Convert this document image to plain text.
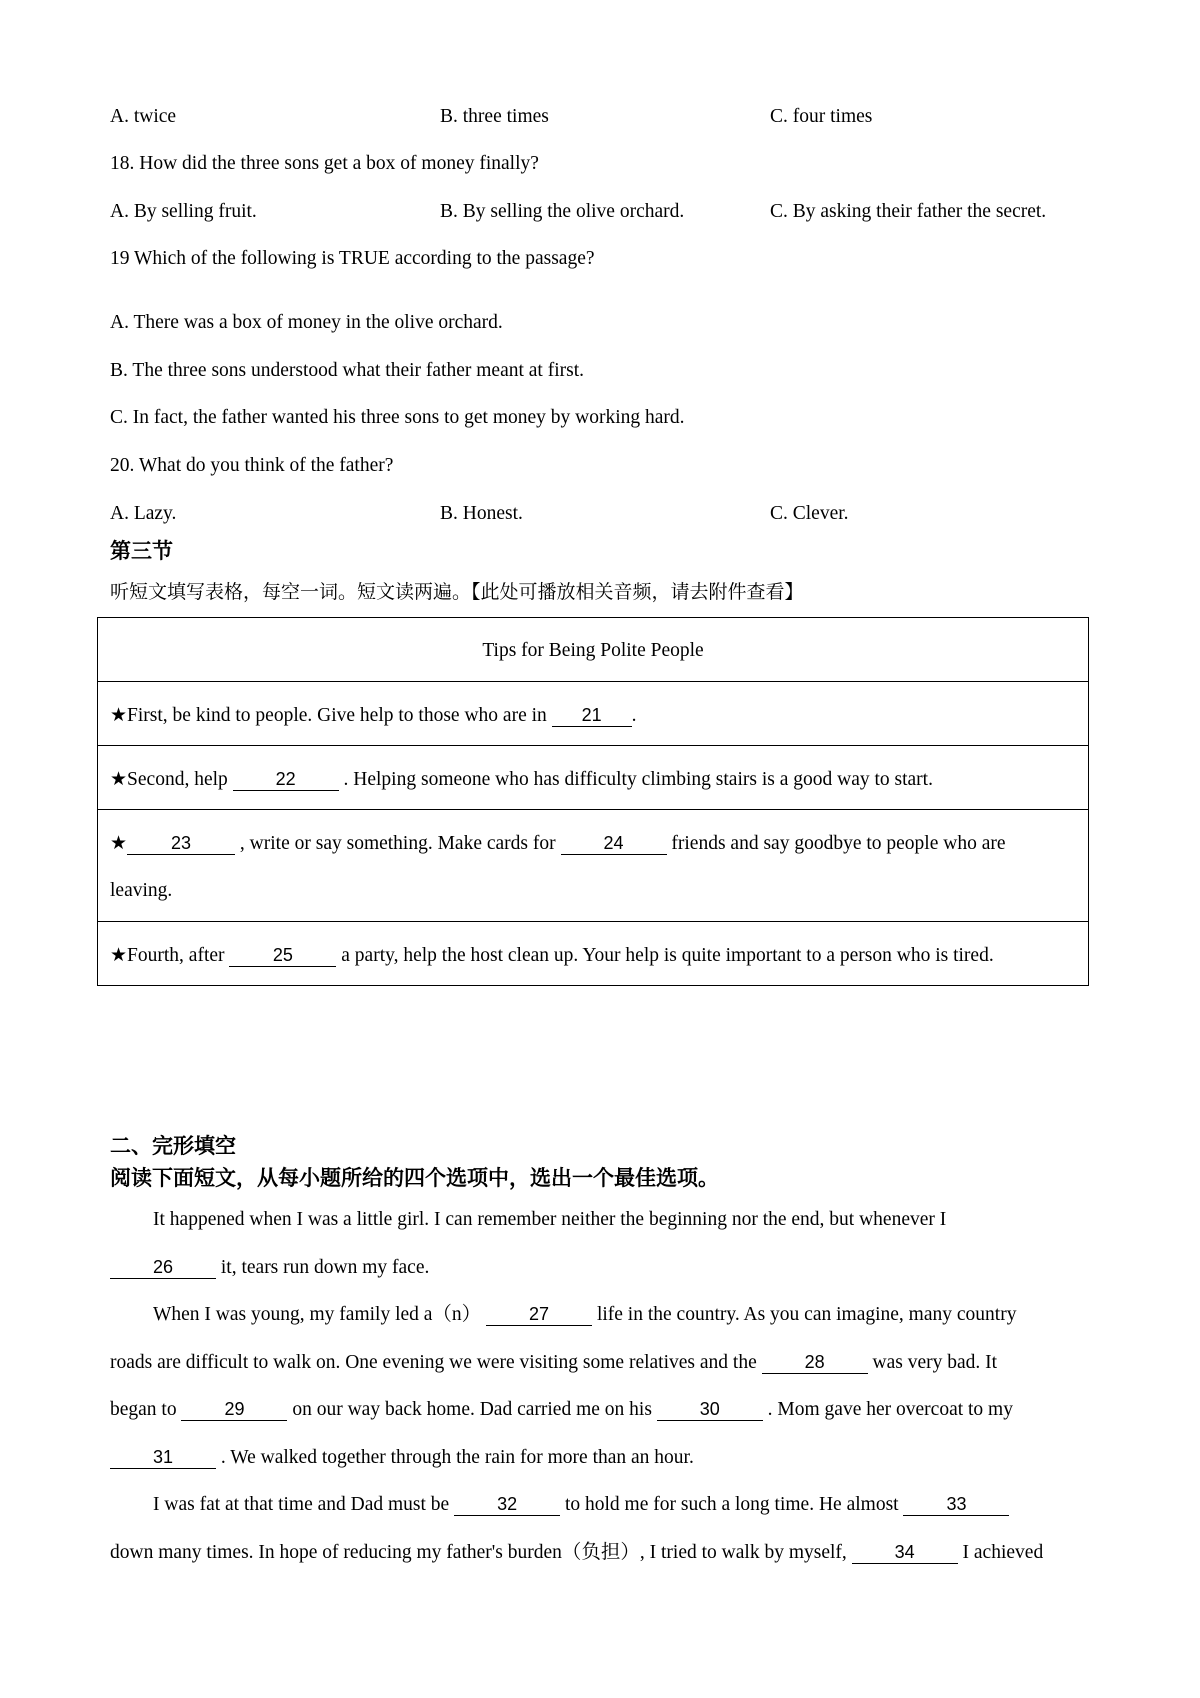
A. twice	B. three times	C. four times
18. How did the three sons get a box of money finally?
A. By selling fruit.	B. By selling the olive orchard.	C. By asking their father the secret.
19 Which of the following is TRUE according to the passage?
A. There was a box of money in the olive orchard.
B. The three sons understood what their father meant at first.
C. In fact, the father wanted his three sons to get money by working hard.
20. What do you think of the father?
A. Lazy.	B. Honest.	C. Clever.
第三节
听短文填写表格，每空一词。短文读两遍。【此处可播放相关音频，请去附件查看】
Tips for Being Polite People
★First, be kind to people. Give help to those who are in 21 .
★Second, help 22 . Helping someone who has difficulty climbing stairs is a good way to start.
★ 23 , write or say something. Make cards for 24 friends and say goodbye to people who are
leaving.
★Fourth, after 25 a party, help the host clean up. Your help is quite important to a person who is tired.
二、完形填空
阅读下面短文，从每小题所给的四个选项中，选出一个最佳选项。
It happened when I was a little girl. I can remember neither the beginning nor the end, but whenever I
26 it, tears run down my face.
When I was young, my family led a（n） 27 life in the country. As you can imagine, many country
roads are difficult to walk on. One evening we were visiting some relatives and the 28 was very bad. It
began to 29 on our way back home. Dad carried me on his 30 . Mom gave her overcoat to my
31 . We walked together through the rain for more than an hour.
I was fat at that time and Dad must be 32 to hold me for such a long time. He almost 33
down many times. In hope of reducing my father's burden（负担）, I tried to walk by myself, 34 I achieved
